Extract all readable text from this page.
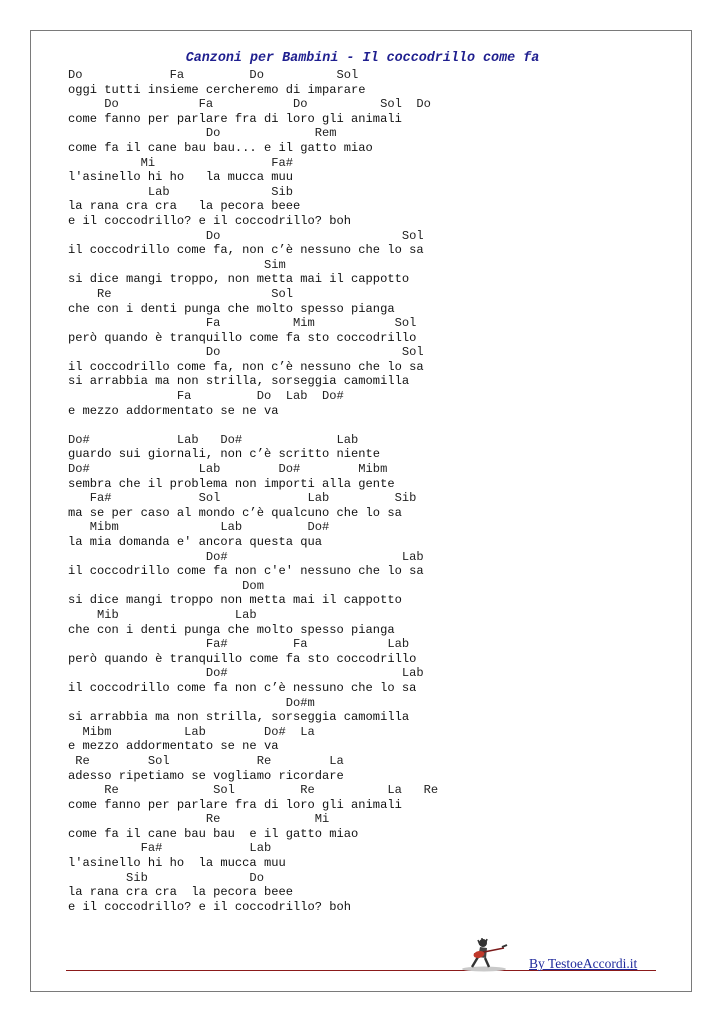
Canzoni per Bambini - Il coccodrillo come fa
Do            Fa         Do          Sol
oggi tutti insieme cercheremo di imparare
Do           Fa           Do          Sol  Do
come fanno per parlare fra di loro gli animali
Do             Rem
come fa il cane bau bau... e il gatto miao
Mi                Fa#
l'asinello hi ho   la mucca muu
Lab              Sib
la rana cra cra   la pecora beee
e il coccodrillo? e il coccodrillo? boh
Do                         Sol
il coccodrillo come fa, non c’è nessuno che lo sa
Sim
si dice mangi troppo, non metta mai il cappotto
Re                      Sol
che con i denti punga che molto spesso pianga
Fa          Mim           Sol
però quando è tranquillo come fa sto coccodrillo
Do                         Sol
il coccodrillo come fa, non c’è nessuno che lo sa
si arrabbia ma non strilla, sorseggia camomilla
Fa         Do  Lab  Do#
e mezzo addormentato se ne va
Do#            Lab   Do#             Lab
guardo sui giornali, non c’è scritto niente
Do#               Lab        Do#        Mibm
sembra che il problema non importi alla gente
Fa#            Sol            Lab         Sib
ma se per caso al mondo c’è qualcuno che lo sa
Mibm              Lab         Do#
la mia domanda e' ancora questa qua
Do#                        Lab
il coccodrillo come fa non c'e' nessuno che lo sa
Dom
si dice mangi troppo non metta mai il cappotto
Mib                Lab
che con i denti punga che molto spesso pianga
Fa#         Fa           Lab
però quando è tranquillo come fa sto coccodrillo
Do#                        Lab
il coccodrillo come fa non c’è nessuno che lo sa
Do#m
si arrabbia ma non strilla, sorseggia camomilla
Mibm          Lab        Do#  La
e mezzo addormentato se ne va
Re        Sol            Re        La
adesso ripetiamo se vogliamo ricordare
Re             Sol         Re          La   Re
come fanno per parlare fra di loro gli animali
Re             Mi
come fa il cane bau bau  e il gatto miao
Fa#            Lab
l'asinello hi ho  la mucca muu
Sib              Do
la rana cra cra  la pecora beee
e il coccodrillo? e il coccodrillo? boh
By TestoeAccordi.it
